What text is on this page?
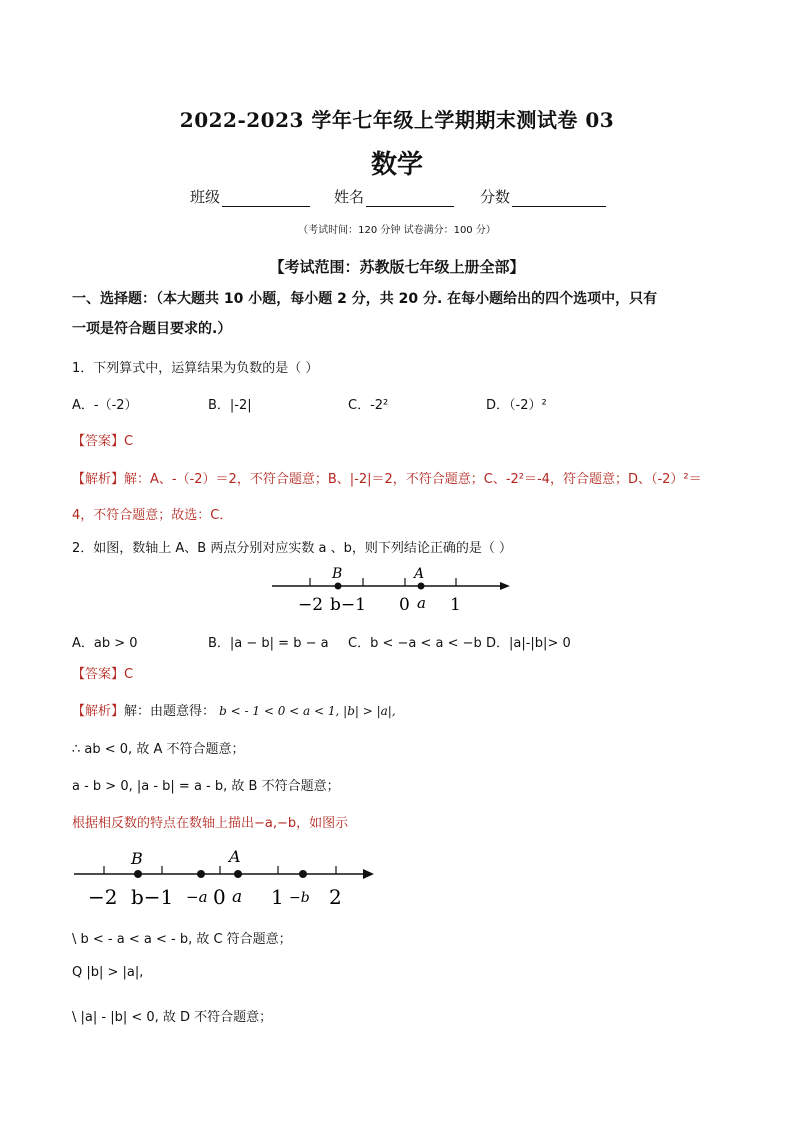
2022-2023 学年七年级上学期期末测试卷 03
数学
班级	姓名	分数
（考试时间：120 分钟 试卷满分：100 分）
【考试范围：苏教版七年级上册全部】
一、选择题：（本大题共 10 小题，每小题 2 分，共 20 分. 在每小题给出的四个选项中，只有
一项是符合题目要求的.）
1．下列算式中，运算结果为负数的是（ ）
A．-（-2）	B．|-2|	C．-2²	D．（-2）²
【答案】C
【解析】解：A、-（-2）＝2，不符合题意；B、|-2|＝2，不符合题意；C、-2²＝-4，符合题意；D、（-2）²＝
4，不符合题意；故选：C．
2．如图，数轴上 A、B 两点分别对应实数 a 、b，则下列结论正确的是（ ）
B	A
−2 b−1 0 a 1
A．ab > 0	B．|a − b| = b − a C．b < −a < a < −b D．|a|-|b|> 0
【答案】C
【解析】解：由题意得： b < - 1 < 0 < a < 1, |b| > |a|,
∴ ab < 0, 故 A 不符合题意；
a - b > 0, |a - b| = a - b, 故 B 不符合题意；
根据相反数的特点在数轴上描出−a,−b，如图示
B	A
−2 b−1 −a 0 a 1 −b 2
\ b < - a < a < - b, 故 C 符合题意；
Q |b| > |a|,
\ |a| - |b| < 0, 故 D 不符合题意；
